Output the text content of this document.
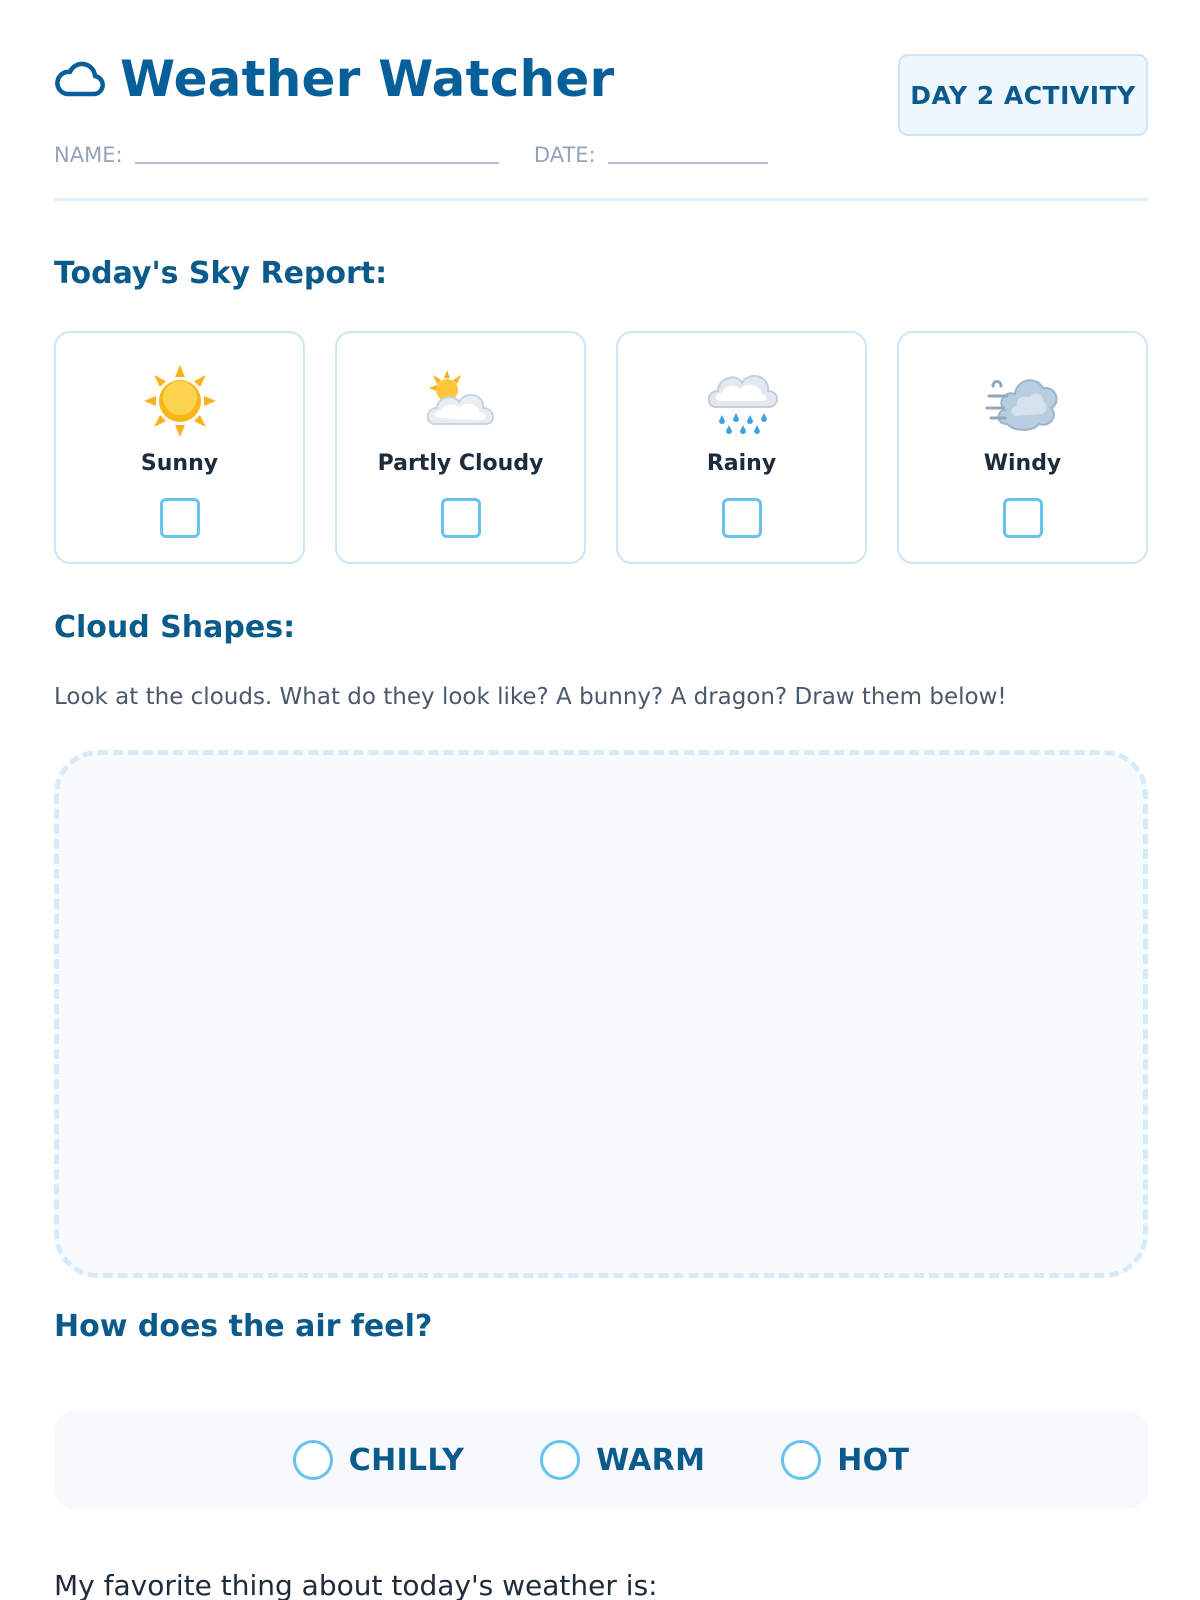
Weather Watcher	DAY 2 ACTIVITY
NAME:	DATE:
Today's Sky Report:
Sunny	Partly Cloudy	Rainy	Windy
Cloud Shapes:
Look at the clouds. What do they look like? A bunny? A dragon? Draw them below!
How does the air feel?
CHILLY	WARM	HOT
My favorite thing about today's weather is:
